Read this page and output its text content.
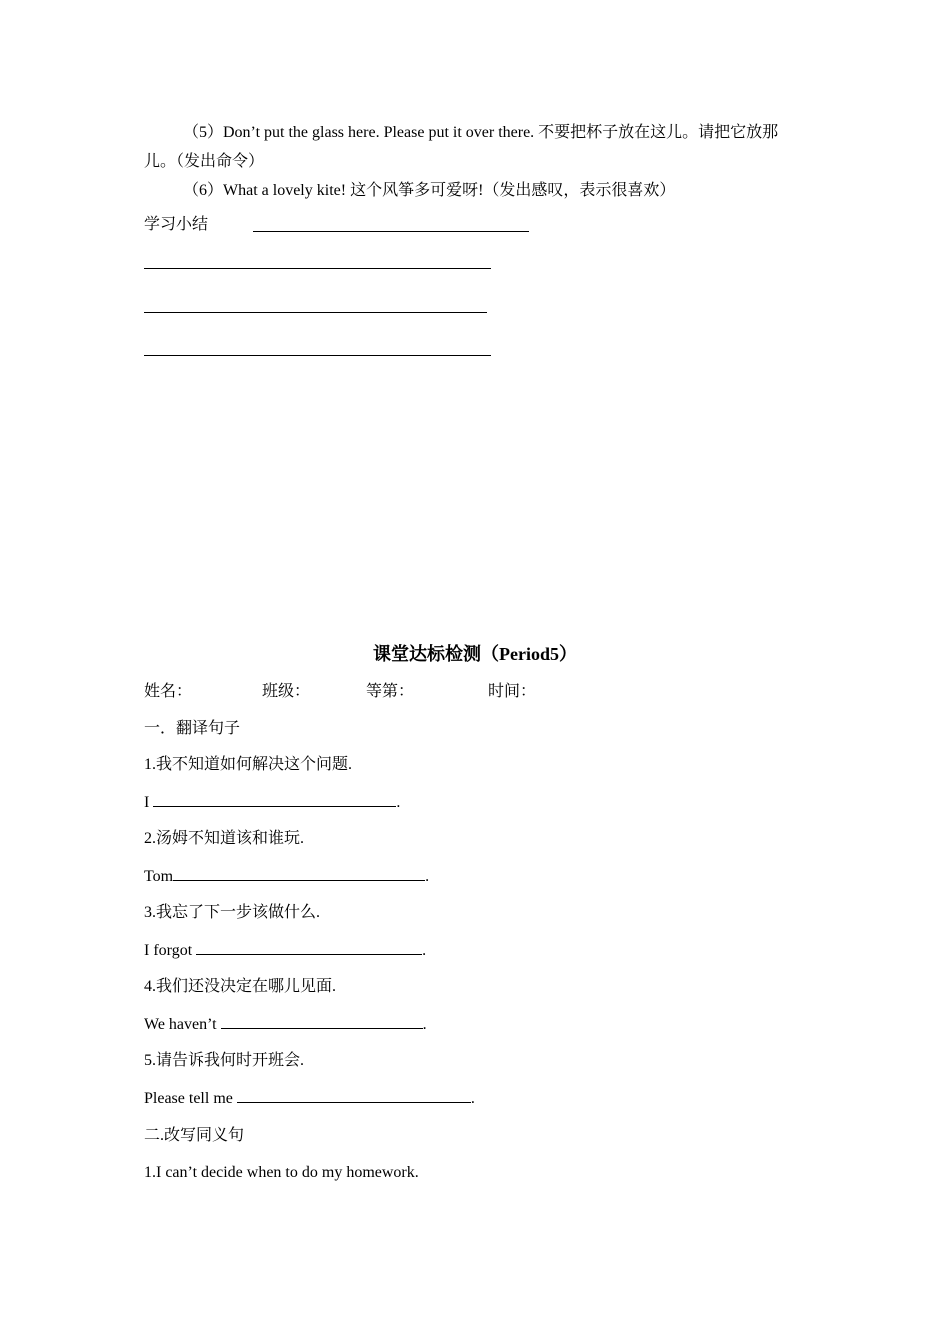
（5）Don’t put the glass here. Please put it over there. 不要把杯子放在这儿。请把它放那
儿。（发出命令）
（6）What a lovely kite! 这个风筝多可爱呀!（发出感叹，表示很喜欢）
学习小结
课堂达标检测（Period5）
姓名：	班级：	等第：	时间：
一．翻译句子
1.我不知道如何解决这个问题.
I	.
2.汤姆不知道该和谁玩.
Tom	.
3.我忘了下一步该做什么.
I forgot	.
4.我们还没决定在哪儿见面.
We haven’t	.
5.请告诉我何时开班会.
Please tell me	.
二.改写同义句
1.I can’t decide when to do my homework.
